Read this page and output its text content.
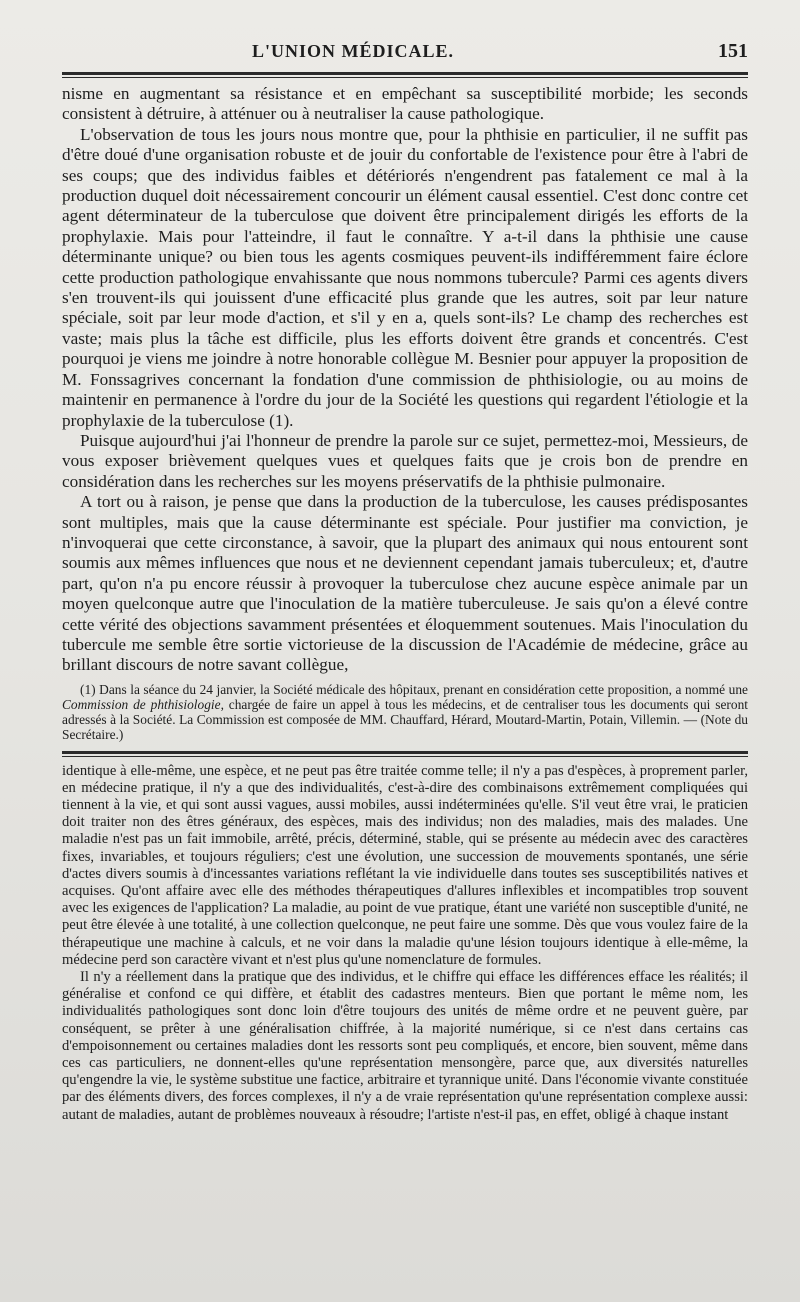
L'UNION MÉDICALE.	151

nisme en augmentant sa résistance et en empêchant sa susceptibilité morbide; les seconds consistent à détruire, à atténuer ou à neutraliser la cause pathologique.

L'observation de tous les jours nous montre que, pour la phthisie en particulier, il ne suffit pas d'être doué d'une organisation robuste et de jouir du confortable de l'existence pour être à l'abri de ses coups; que des individus faibles et détériorés n'engendrent pas fatalement ce mal à la production duquel doit nécessairement concourir un élément causal essentiel. C'est donc contre cet agent déterminateur de la tuberculose que doivent être principalement dirigés les efforts de la prophylaxie. Mais pour l'atteindre, il faut le connaître. Y a-t-il dans la phthisie une cause déterminante unique? ou bien tous les agents cosmiques peuvent-ils indifféremment faire éclore cette production pathologique envahissante que nous nommons tubercule? Parmi ces agents divers s'en trouvent-ils qui jouissent d'une efficacité plus grande que les autres, soit par leur nature spéciale, soit par leur mode d'action, et s'il y en a, quels sont-ils? Le champ des recherches est vaste; mais plus la tâche est difficile, plus les efforts doivent être grands et concentrés. C'est pourquoi je viens me joindre à notre honorable collègue M. Besnier pour appuyer la proposition de M. Fonssagrives concernant la fondation d'une commission de phthisiologie, ou au moins de maintenir en permanence à l'ordre du jour de la Société les questions qui regardent l'étiologie et la prophylaxie de la tuberculose (1).

Puisque aujourd'hui j'ai l'honneur de prendre la parole sur ce sujet, permettez-moi, Messieurs, de vous exposer brièvement quelques vues et quelques faits que je crois bon de prendre en considération dans les recherches sur les moyens préservatifs de la phthisie pulmonaire.

A tort ou à raison, je pense que dans la production de la tuberculose, les causes prédisposantes sont multiples, mais que la cause déterminante est spéciale. Pour justifier ma conviction, je n'invoquerai que cette circonstance, à savoir, que la plupart des animaux qui nous entourent sont soumis aux mêmes influences que nous et ne deviennent cependant jamais tuberculeux; et, d'autre part, qu'on n'a pu encore réussir à provoquer la tuberculose chez aucune espèce animale par un moyen quelconque autre que l'inoculation de la matière tuberculeuse. Je sais qu'on a élevé contre cette vérité des objections savamment présentées et éloquemment soutenues. Mais l'inoculation du tubercule me semble être sortie victorieuse de la discussion de l'Académie de médecine, grâce au brillant discours de notre savant collègue,

(1) Dans la séance du 24 janvier, la Société médicale des hôpitaux, prenant en considération cette proposition, a nommé une Commission de phthisiologie, chargée de faire un appel à tous les médecins, et de centraliser tous les documents qui seront adressés à la Société. La Commission est composée de MM. Chauffard, Hérard, Moutard-Martin, Potain, Villemin. — (Note du Secrétaire.)

identique à elle-même, une espèce, et ne peut pas être traitée comme telle; il n'y a pas d'espèces, à proprement parler, en médecine pratique, il n'y a que des individualités, c'est-à-dire des combinaisons extrêmement compliquées qui tiennent à la vie, et qui sont aussi vagues, aussi mobiles, aussi indéterminées qu'elle. S'il veut être vrai, le praticien doit traiter non des êtres généraux, des espèces, mais des individus; non des maladies, mais des malades. Une maladie n'est pas un fait immobile, arrêté, précis, déterminé, stable, qui se présente au médecin avec des caractères fixes, invariables, et toujours réguliers; c'est une évolution, une succession de mouvements spontanés, une série d'actes divers soumis à d'incessantes variations reflétant la vie individuelle dans toutes ses susceptibilités natives et acquises. Qu'ont affaire avec elle des méthodes thérapeutiques d'allures inflexibles et incompatibles trop souvent avec les exigences de l'application? La maladie, au point de vue pratique, étant une variété non susceptible d'unité, ne peut être élevée à une totalité, à une collection quelconque, ne peut faire une somme. Dès que vous voulez faire de la thérapeutique une machine à calculs, et ne voir dans la maladie qu'une lésion toujours identique à elle-même, la médecine perd son caractère vivant et n'est plus qu'une nomenclature de formules.

Il n'y a réellement dans la pratique que des individus, et le chiffre qui efface les différences efface les réalités; il généralise et confond ce qui diffère, et établit des cadastres menteurs. Bien que portant le même nom, les individualités pathologiques sont donc loin d'être toujours des unités de même ordre et ne peuvent guère, par conséquent, se prêter à une généralisation chiffrée, à la majorité numérique, si ce n'est dans certains cas d'empoisonnement ou certaines maladies dont les ressorts sont peu compliqués, et encore, bien souvent, même dans ces cas particuliers, ne donnent-elles qu'une représentation mensongère, parce que, aux diversités naturelles qu'engendre la vie, le système substitue une factice, arbitraire et tyrannique unité. Dans l'économie vivante constituée par des éléments divers, des forces complexes, il n'y a de vraie représentation qu'une représentation complexe aussi: autant de maladies, autant de problèmes nouveaux à résoudre; l'artiste n'est-il pas, en effet, obligé à chaque instant
